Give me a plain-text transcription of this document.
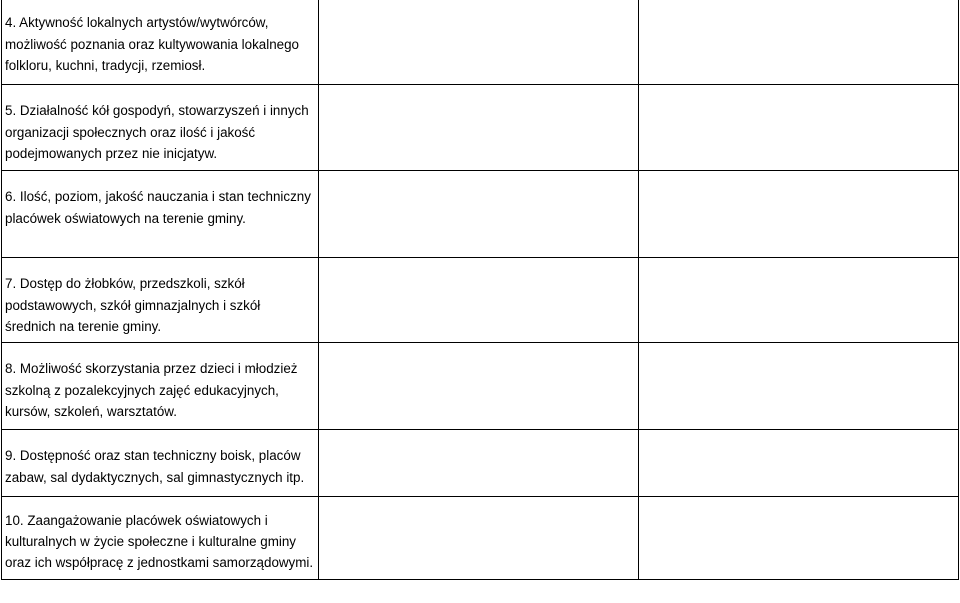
4. Aktywność lokalnych artystów/wytwórców, możliwość poznania oraz kultywowania lokalnego folkloru, kuchni, tradycji, rzemiosł.		

5. Działalność kół gospodyń, stowarzyszeń i innych organizacji społecznych oraz ilość i jakość podejmowanych przez nie inicjatyw.		

6. Ilość, poziom, jakość nauczania i stan techniczny placówek oświatowych na terenie gminy.		

7. Dostęp do żłobków, przedszkoli, szkół podstawowych, szkół gimnazjalnych i szkół średnich na terenie gminy.		

8. Możliwość skorzystania przez dzieci i młodzież szkolną z pozalekcyjnych zajęć edukacyjnych, kursów, szkoleń, warsztatów.		

9. Dostępność oraz stan techniczny boisk, placów zabaw, sal dydaktycznych, sal gimnastycznych itp.		

10. Zaangażowanie placówek oświatowych i kulturalnych w życie społeczne i kulturalne gminy oraz ich współpracę z jednostkami samorządowymi.		
